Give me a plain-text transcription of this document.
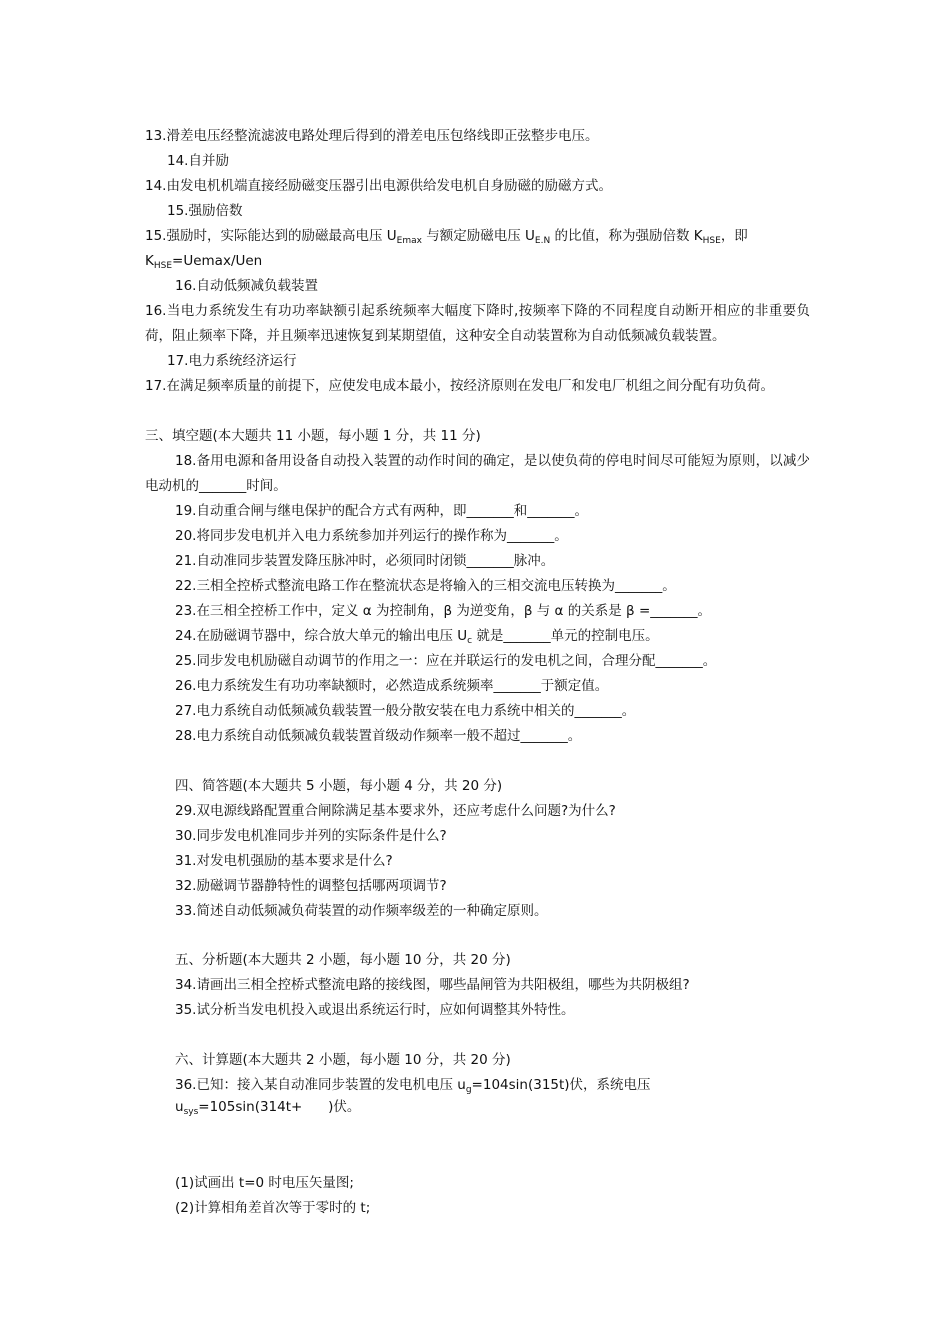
13.滑差电压经整流滤波电路处理后得到的滑差电压包络线即正弦整步电压。
14.自并励
14.由发电机机端直接经励磁变压器引出电源供给发电机自身励磁的励磁方式。
15.强励倍数
15.强励时，实际能达到的励磁最高电压 $U_{Emax}$ 与额定励磁电压 $U_{E.N}$ 的比值，称为强励倍数 $K_{HSE}$，即
$K_{HSE}=Uemax$/Uen
16.自动低频减负载装置
16.当电力系统发生有功功率缺额引起系统频率大幅度下降时,按频率下降的不同程度自动断开相应的非重要负荷，阻止频率下降，并且频率迅速恢复到某期望值，这种安全自动装置称为自动低频减负载装置。
17.电力系统经济运行
17.在满足频率质量的前提下，应使发电成本最小，按经济原则在发电厂和发电厂机组之间分配有功负荷。
三、填空题(本大题共 11 小题，每小题 1 分，共 11 分)
18.备用电源和备用设备自动投入装置的动作时间的确定，是以使负荷的停电时间尽可能短为原则，以减少电动机的_______时间。
19.自动重合闸与继电保护的配合方式有两种，即_______和_______。
20.将同步发电机并入电力系统参加并列运行的操作称为_______。
21.自动准同步装置发降压脉冲时，必须同时闭锁_______脉冲。
22.三相全控桥式整流电路工作在整流状态是将输入的三相交流电压转换为_______。
23.在三相全控桥工作中，定义 α 为控制角，β 为逆变角，β 与 α 的关系是 β =_______。
24.在励磁调节器中，综合放大单元的输出电压 $U_c$ 就是_______单元的控制电压。
25.同步发电机励磁自动调节的作用之一：应在并联运行的发电机之间，合理分配_______。
26.电力系统发生有功功率缺额时，必然造成系统频率_______于额定值。
27.电力系统自动低频减负载装置一般分散安装在电力系统中相关的_______。
28.电力系统自动低频减负载装置首级动作频率一般不超过_______。
四、简答题(本大题共 5 小题，每小题 4 分，共 20 分)
29.双电源线路配置重合闸除满足基本要求外，还应考虑什么问题?为什么?
30.同步发电机准同步并列的实际条件是什么?
31.对发电机强励的基本要求是什么?
32.励磁调节器静特性的调整包括哪两项调节?
33.简述自动低频减负荷装置的动作频率级差的一种确定原则。
五、分析题(本大题共 2 小题，每小题 10 分，共 20 分)
34.请画出三相全控桥式整流电路的接线图，哪些晶闸管为共阳极组，哪些为共阴极组?
35.试分析当发电机投入或退出系统运行时，应如何调整其外特性。
六、计算题(本大题共 2 小题，每小题 10 分，共 20 分)
36.已知：接入某自动准同步装置的发电机电压 $u_g=104\sin(315t)$伏，系统电压
$u_{sys}=105\sin(314t+$      )伏。
(1)试画出 t=0 时电压矢量图;
(2)计算相角差首次等于零时的 t;
